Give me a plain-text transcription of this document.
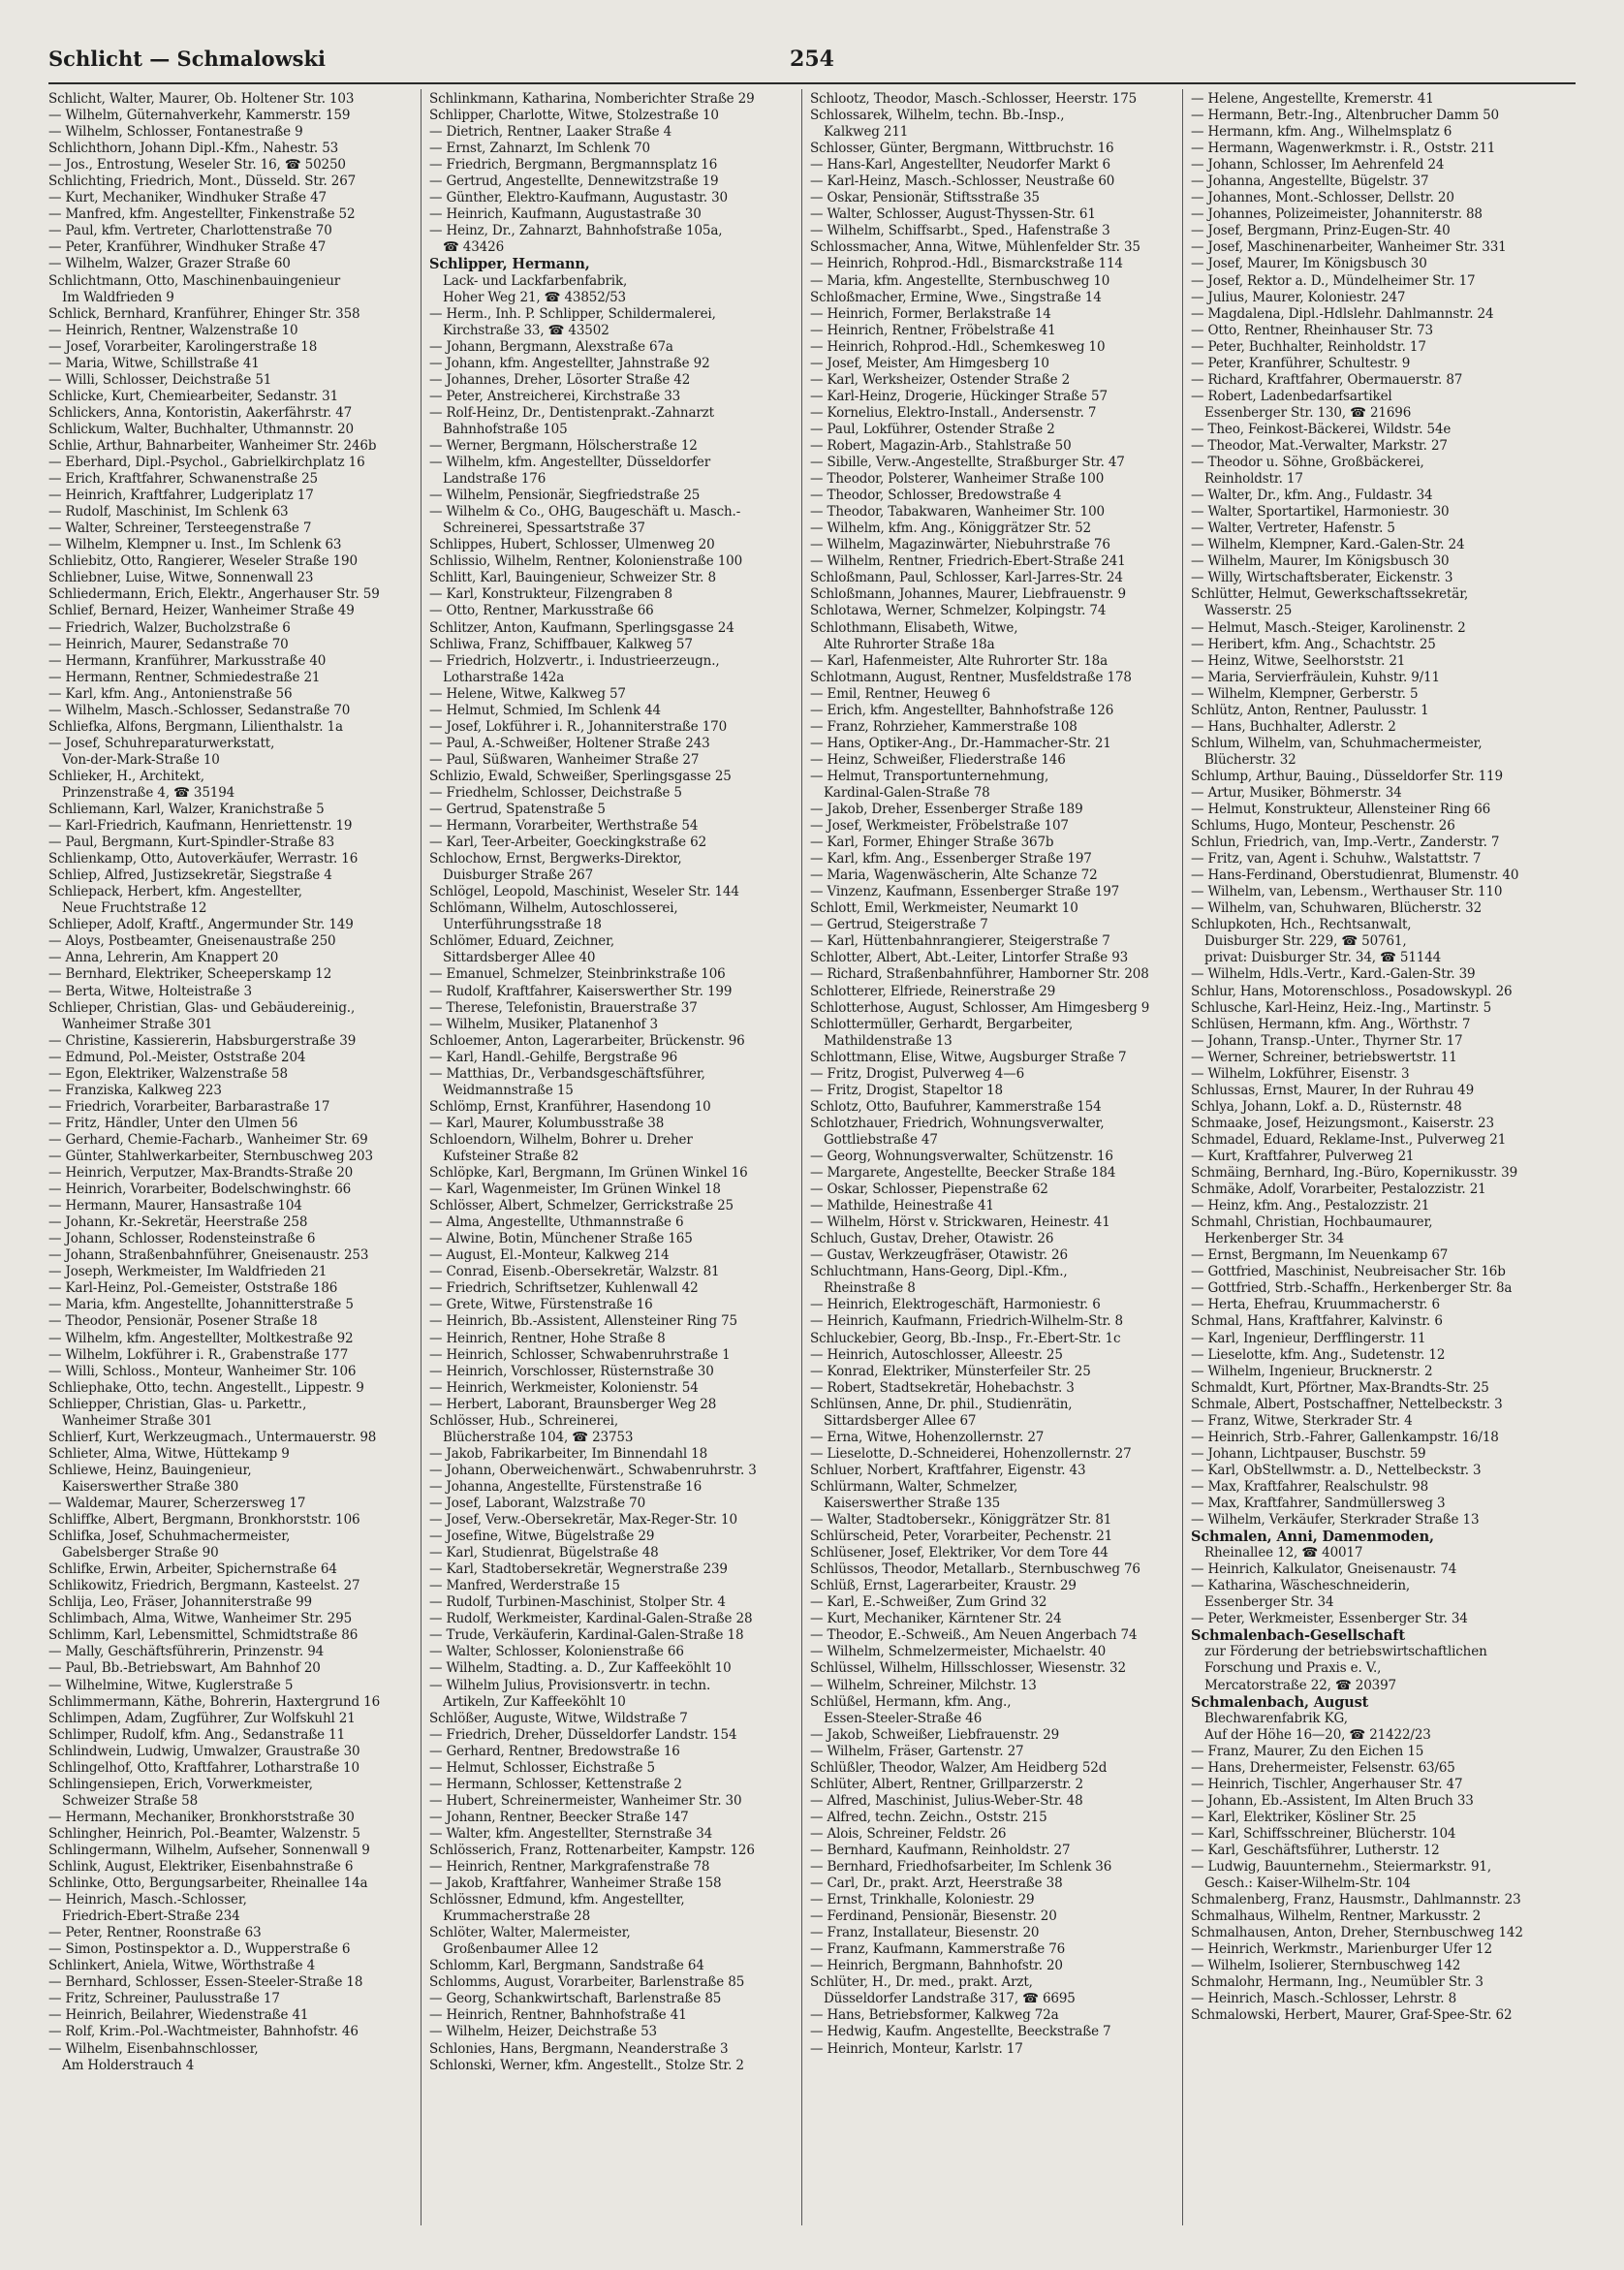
Schlicht — Schmalowski	254
Schlicht, Walter, Maurer, Ob. Holtener Str. 103
— Wilhelm, Güternahverkehr, Kammerstr. 159
— Wilhelm, Schlosser, Fontanestraße 9
Schlichthorn, Johann Dipl.-Kfm., Nahestr. 53
— Jos., Entrostung, Weseler Str. 16, ☎ 50250
Schlichting, Friedrich, Mont., Düsseld. Str. 267
— Kurt, Mechaniker, Windhuker Straße 47
— Manfred, kfm. Angestellter, Finkenstraße 52
— Paul, kfm. Vertreter, Charlottenstraße 70
— Peter, Kranführer, Windhuker Straße 47
— Wilhelm, Walzer, Grazer Straße 60
Schlichtmann, Otto, Maschinenbauingenieur
Im Waldfrieden 9
Schlick, Bernhard, Kranführer, Ehinger Str. 358
— Heinrich, Rentner, Walzenstraße 10
— Josef, Vorarbeiter, Karolingerstraße 18
— Maria, Witwe, Schillstraße 41
— Willi, Schlosser, Deichstraße 51
Schlicke, Kurt, Chemiearbeiter, Sedanstr. 31
Schlickers, Anna, Kontoristin, Aakerfährstr. 47
Schlickum, Walter, Buchhalter, Uthmannstr. 20
Schlie, Arthur, Bahnarbeiter, Wanheimer Str. 246b
— Eberhard, Dipl.-Psychol., Gabrielkirchplatz 16
— Erich, Kraftfahrer, Schwanenstraße 25
— Heinrich, Kraftfahrer, Ludgeriplatz 17
— Rudolf, Maschinist, Im Schlenk 63
— Walter, Schreiner, Tersteegenstraße 7
— Wilhelm, Klempner u. Inst., Im Schlenk 63
Schliebitz, Otto, Rangierer, Weseler Straße 190
Schliebner, Luise, Witwe, Sonnenwall 23
Schliedermann, Erich, Elektr., Angerhauser Str. 59
Schlief, Bernard, Heizer, Wanheimer Straße 49
— Friedrich, Walzer, Bucholzstraße 6
— Heinrich, Maurer, Sedanstraße 70
— Hermann, Kranführer, Markusstraße 40
— Hermann, Rentner, Schmiedestraße 21
— Karl, kfm. Ang., Antonienstraße 56
— Wilhelm, Masch.-Schlosser, Sedanstraße 70
Schliefka, Alfons, Bergmann, Lilienthalstr. 1a
— Josef, Schuhreparaturwerkstatt,
Von-der-Mark-Straße 10
Schlieker, H., Architekt,
Prinzenstraße 4, ☎ 35194
Schliemann, Karl, Walzer, Kranichstraße 5
— Karl-Friedrich, Kaufmann, Henriettenstr. 19
— Paul, Bergmann, Kurt-Spindler-Straße 83
Schlienkamp, Otto, Autoverkäufer, Werrastr. 16
Schliep, Alfred, Justizsekretär, Siegstraße 4
Schliepack, Herbert, kfm. Angestellter,
Neue Fruchtstraße 12
Schlieper, Adolf, Kraftf., Angermunder Str. 149
— Aloys, Postbeamter, Gneisenaustraße 250
— Anna, Lehrerin, Am Knappert 20
— Bernhard, Elektriker, Scheeperskamp 12
— Berta, Witwe, Holteistraße 3
Schlieper, Christian, Glas- und Gebäudereinig.,
Wanheimer Straße 301
— Christine, Kassiererin, Habsburgerstraße 39
— Edmund, Pol.-Meister, Oststraße 204
— Egon, Elektriker, Walzenstraße 58
— Franziska, Kalkweg 223
— Friedrich, Vorarbeiter, Barbarastraße 17
— Fritz, Händler, Unter den Ulmen 56
— Gerhard, Chemie-Facharb., Wanheimer Str. 69
— Günter, Stahlwerkarbeiter, Sternbuschweg 203
— Heinrich, Verputzer, Max-Brandts-Straße 20
— Heinrich, Vorarbeiter, Bodelschwinghstr. 66
— Hermann, Maurer, Hansastraße 104
— Johann, Kr.-Sekretär, Heerstraße 258
— Johann, Schlosser, Rodensteinstraße 6
— Johann, Straßenbahnführer, Gneisenaustr. 253
— Joseph, Werkmeister, Im Waldfrieden 21
— Karl-Heinz, Pol.-Gemeister, Oststraße 186
— Maria, kfm. Angestellte, Johannitterstraße 5
— Theodor, Pensionär, Posener Straße 18
— Wilhelm, kfm. Angestellter, Moltkestraße 92
— Wilhelm, Lokführer i. R., Grabenstraße 177
— Willi, Schloss., Monteur, Wanheimer Str. 106
Schliephake, Otto, techn. Angestellt., Lippestr. 9
Schliepper, Christian, Glas- u. Parkettr.,
Wanheimer Straße 301
Schlierf, Kurt, Werkzeugmach., Untermauerstr. 98
Schlieter, Alma, Witwe, Hüttekamp 9
Schliewe, Heinz, Bauingenieur,
Kaiserswerther Straße 380
— Waldemar, Maurer, Scherzersweg 17
Schliffke, Albert, Bergmann, Bronkhorststr. 106
Schlifka, Josef, Schuhmachermeister,
Gabelsberger Straße 90
Schlifke, Erwin, Arbeiter, Spichernstraße 64
Schlikowitz, Friedrich, Bergmann, Kasteelst. 27
Schlija, Leo, Fräser, Johanniterstraße 99
Schlimbach, Alma, Witwe, Wanheimer Str. 295
Schlimm, Karl, Lebensmittel, Schmidtstraße 86
— Mally, Geschäftsführerin, Prinzenstr. 94
— Paul, Bb.-Betriebswart, Am Bahnhof 20
— Wilhelmine, Witwe, Kuglerstraße 5
Schlimmermann, Käthe, Bohrerin, Haxtergrund 16
Schlimpen, Adam, Zugführer, Zur Wolfskuhl 21
Schlimper, Rudolf, kfm. Ang., Sedanstraße 11
Schlindwein, Ludwig, Umwalzer, Graustraße 30
Schlingelhof, Otto, Kraftfahrer, Lotharstraße 10
Schlingensiepen, Erich, Vorwerkmeister,
Schweizer Straße 58
— Hermann, Mechaniker, Bronkhorststraße 30
Schlingher, Heinrich, Pol.-Beamter, Walzenstr. 5
Schlingermann, Wilhelm, Aufseher, Sonnenwall 9
Schlink, August, Elektriker, Eisenbahnstraße 6
Schlinke, Otto, Bergungsarbeiter, Rheinallee 14a
— Heinrich, Masch.-Schlosser,
Friedrich-Ebert-Straße 234
— Peter, Rentner, Roonstraße 63
— Simon, Postinspektor a. D., Wupperstraße 6
Schlinkert, Aniela, Witwe, Wörthstraße 4
— Bernhard, Schlosser, Essen-Steeler-Straße 18
— Fritz, Schreiner, Paulusstraße 17
— Heinrich, Beilahrer, Wiedenstraße 41
— Rolf, Krim.-Pol.-Wachtmeister, Bahnhofstr. 46
— Wilhelm, Eisenbahnschlosser,
Am Holderstrauch 4
Schlinkmann, Katharina, Nomberichter Straße 29
Schlipper, Charlotte, Witwe, Stolzestraße 10
— Dietrich, Rentner, Laaker Straße 4
— Ernst, Zahnarzt, Im Schlenk 70
— Friedrich, Bergmann, Bergmannsplatz 16
— Gertrud, Angestellte, Dennewitzstraße 19
— Günther, Elektro-Kaufmann, Augustastr. 30
— Heinrich, Kaufmann, Augustastraße 30
— Heinz, Dr., Zahnarzt, Bahnhofstraße 105a,
☎ 43426
Schlipper, Hermann,
Lack- und Lackfarbenfabrik,
Hoher Weg 21, ☎ 43852/53
— Herm., Inh. P. Schlipper, Schildermalerei,
Kirchstraße 33, ☎ 43502
— Johann, Bergmann, Alexstraße 67a
— Johann, kfm. Angestellter, Jahnstraße 92
— Johannes, Dreher, Lösorter Straße 42
— Peter, Anstreicherei, Kirchstraße 33
— Rolf-Heinz, Dr., Dentistenprakt.-Zahnarzt
Bahnhofstraße 105
— Werner, Bergmann, Hölscherstraße 12
— Wilhelm, kfm. Angestellter, Düsseldorfer
Landstraße 176
— Wilhelm, Pensionär, Siegfriedstraße 25
— Wilhelm & Co., OHG, Baugeschäft u. Masch.-
Schreinerei, Spessartstraße 37
Schlippes, Hubert, Schlosser, Ulmenweg 20
Schlissio, Wilhelm, Rentner, Kolonienstraße 100
Schlitt, Karl, Bauingenieur, Schweizer Str. 8
— Karl, Konstrukteur, Filzengraben 8
— Otto, Rentner, Markusstraße 66
Schlitzer, Anton, Kaufmann, Sperlingsgasse 24
Schliwa, Franz, Schiffbauer, Kalkweg 57
— Friedrich, Holzvertr., i. Industrieerzeugn.,
Lotharstraße 142a
— Helene, Witwe, Kalkweg 57
— Helmut, Schmied, Im Schlenk 44
— Josef, Lokführer i. R., Johanniterstraße 170
— Paul, A.-Schweißer, Holtener Straße 243
— Paul, Süßwaren, Wanheimer Straße 27
Schlizio, Ewald, Schweißer, Sperlingsgasse 25
— Friedhelm, Schlosser, Deichstraße 5
— Gertrud, Spatenstraße 5
— Hermann, Vorarbeiter, Werthstraße 54
— Karl, Teer-Arbeiter, Goeckingkstraße 62
Schlochow, Ernst, Bergwerks-Direktor,
Duisburger Straße 267
Schlögel, Leopold, Maschinist, Weseler Str. 144
Schlömann, Wilhelm, Autoschlosserei,
Unterführungsstraße 18
Schlömer, Eduard, Zeichner,
Sittardsberger Allee 40
— Emanuel, Schmelzer, Steinbrinkstraße 106
— Rudolf, Kraftfahrer, Kaiserswerther Str. 199
— Therese, Telefonistin, Brauerstraße 37
— Wilhelm, Musiker, Platanenhof 3
Schloemer, Anton, Lagerarbeiter, Brückenstr. 96
— Karl, Handl.-Gehilfe, Bergstraße 96
— Matthias, Dr., Verbandsgeschäftsführer,
Weidmannstraße 15
Schlömp, Ernst, Kranführer, Hasendong 10
— Karl, Maurer, Kolumbusstraße 38
Schloendorn, Wilhelm, Bohrer u. Dreher
Kufsteiner Straße 82
Schlöpke, Karl, Bergmann, Im Grünen Winkel 16
— Karl, Wagenmeister, Im Grünen Winkel 18
Schlösser, Albert, Schmelzer, Gerrickstraße 25
— Alma, Angestellte, Uthmannstraße 6
— Alwine, Botin, Münchener Straße 165
— August, El.-Monteur, Kalkweg 214
— Conrad, Eisenb.-Obersekretär, Walzstr. 81
— Friedrich, Schriftsetzer, Kuhlenwall 42
— Grete, Witwe, Fürstenstraße 16
— Heinrich, Bb.-Assistent, Allensteiner Ring 75
— Heinrich, Rentner, Hohe Straße 8
— Heinrich, Schlosser, Schwabenruhrstraße 1
— Heinrich, Vorschlosser, Rüsternstraße 30
— Heinrich, Werkmeister, Kolonienstr. 54
— Herbert, Laborant, Braunsberger Weg 28
Schlösser, Hub., Schreinerei,
Blücherstraße 104, ☎ 23753
— Jakob, Fabrikarbeiter, Im Binnendahl 18
— Johann, Oberweichenwärt., Schwabenruhrstr. 3
— Johanna, Angestellte, Fürstenstraße 16
— Josef, Laborant, Walzstraße 70
— Josef, Verw.-Obersekretär, Max-Reger-Str. 10
— Josefine, Witwe, Bügelstraße 29
— Karl, Studienrat, Bügelstraße 48
— Karl, Stadtobersekretär, Wegnerstraße 239
— Manfred, Werderstraße 15
— Rudolf, Turbinen-Maschinist, Stolper Str. 4
— Rudolf, Werkmeister, Kardinal-Galen-Straße 28
— Trude, Verkäuferin, Kardinal-Galen-Straße 18
— Walter, Schlosser, Kolonienstraße 66
— Wilhelm, Stadting. a. D., Zur Kaffeeköhlt 10
— Wilhelm Julius, Provisionsvertr. in techn.
Artikeln, Zur Kaffeeköhlt 10
Schlößer, Auguste, Witwe, Wildstraße 7
— Friedrich, Dreher, Düsseldorfer Landstr. 154
— Gerhard, Rentner, Bredowstraße 16
— Helmut, Schlosser, Eichstraße 5
— Hermann, Schlosser, Kettenstraße 2
— Hubert, Schreinermeister, Wanheimer Str. 30
— Johann, Rentner, Beecker Straße 147
— Walter, kfm. Angestellter, Sternstraße 34
Schlösserich, Franz, Rottenarbeiter, Kampstr. 126
— Heinrich, Rentner, Markgrafenstraße 78
— Jakob, Kraftfahrer, Wanheimer Straße 158
Schlössner, Edmund, kfm. Angestellter,
Krummacherstraße 28
Schlöter, Walter, Malermeister,
Großenbaumer Allee 12
Schlomm, Karl, Bergmann, Sandstraße 64
Schlomms, August, Vorarbeiter, Barlenstraße 85
— Georg, Schankwirtschaft, Barlenstraße 85
— Heinrich, Rentner, Bahnhofstraße 41
— Wilhelm, Heizer, Deichstraße 53
Schlonies, Hans, Bergmann, Neanderstraße 3
Schlonski, Werner, kfm. Angestellt., Stolze Str. 2
Schlootz, Theodor, Masch.-Schlosser, Heerstr. 175
Schlossarek, Wilhelm, techn. Bb.-Insp.,
Kalkweg 211
Schlosser, Günter, Bergmann, Wittbruchstr. 16
— Hans-Karl, Angestellter, Neudorfer Markt 6
— Karl-Heinz, Masch.-Schlosser, Neustraße 60
— Oskar, Pensionär, Stiftsstraße 35
— Walter, Schlosser, August-Thyssen-Str. 61
— Wilhelm, Schiffsarbt., Sped., Hafenstraße 3
Schlossmacher, Anna, Witwe, Mühlenfelder Str. 35
— Heinrich, Rohprod.-Hdl., Bismarckstraße 114
— Maria, kfm. Angestellte, Sternbuschweg 10
Schloßmacher, Ermine, Wwe., Singstraße 14
— Heinrich, Former, Berlakstraße 14
— Heinrich, Rentner, Fröbelstraße 41
— Heinrich, Rohprod.-Hdl., Schemkesweg 10
— Josef, Meister, Am Himgesberg 10
— Karl, Werksheizer, Ostender Straße 2
— Karl-Heinz, Drogerie, Hückinger Straße 57
— Kornelius, Elektro-Install., Andersenstr. 7
— Paul, Lokführer, Ostender Straße 2
— Robert, Magazin-Arb., Stahlstraße 50
— Sibille, Verw.-Angestellte, Straßburger Str. 47
— Theodor, Polsterer, Wanheimer Straße 100
— Theodor, Schlosser, Bredowstraße 4
— Theodor, Tabakwaren, Wanheimer Str. 100
— Wilhelm, kfm. Ang., Königgrätzer Str. 52
— Wilhelm, Magazinwärter, Niebuhrstraße 76
— Wilhelm, Rentner, Friedrich-Ebert-Straße 241
Schloßmann, Paul, Schlosser, Karl-Jarres-Str. 24
Schloßmann, Johannes, Maurer, Liebfrauenstr. 9
Schlotawa, Werner, Schmelzer, Kolpingstr. 74
Schlothmann, Elisabeth, Witwe,
Alte Ruhrorter Straße 18a
— Karl, Hafenmeister, Alte Ruhrorter Str. 18a
Schlotmann, August, Rentner, Musfeldstraße 178
— Emil, Rentner, Heuweg 6
— Erich, kfm. Angestellter, Bahnhofstraße 126
— Franz, Rohrzieher, Kammerstraße 108
— Hans, Optiker-Ang., Dr.-Hammacher-Str. 21
— Heinz, Schweißer, Fliederstraße 146
— Helmut, Transportunternehmung,
Kardinal-Galen-Straße 78
— Jakob, Dreher, Essenberger Straße 189
— Josef, Werkmeister, Fröbelstraße 107
— Karl, Former, Ehinger Straße 367b
— Karl, kfm. Ang., Essenberger Straße 197
— Maria, Wagenwäscherin, Alte Schanze 72
— Vinzenz, Kaufmann, Essenberger Straße 197
Schlott, Emil, Werkmeister, Neumarkt 10
— Gertrud, Steigerstraße 7
— Karl, Hüttenbahnrangierer, Steigerstraße 7
Schlotter, Albert, Abt.-Leiter, Lintorfer Straße 93
— Richard, Straßenbahnführer, Hamborner Str. 208
Schlotterer, Elfriede, Reinerstraße 29
Schlotterhose, August, Schlosser, Am Himgesberg 9
Schlottermüller, Gerhardt, Bergarbeiter,
Mathildenstraße 13
Schlottmann, Elise, Witwe, Augsburger Straße 7
— Fritz, Drogist, Pulverweg 4—6
— Fritz, Drogist, Stapeltor 18
Schlotz, Otto, Baufuhrer, Kammerstraße 154
Schlotzhauer, Friedrich, Wohnungsverwalter,
Gottliebstraße 47
— Georg, Wohnungsverwalter, Schützenstr. 16
— Margarete, Angestellte, Beecker Straße 184
— Oskar, Schlosser, Piepenstraße 62
— Mathilde, Heinestraße 41
— Wilhelm, Hörst v. Strickwaren, Heinestr. 41
Schluch, Gustav, Dreher, Otawistr. 26
— Gustav, Werkzeugfräser, Otawistr. 26
Schluchtmann, Hans-Georg, Dipl.-Kfm.,
Rheinstraße 8
— Heinrich, Elektrogeschäft, Harmoniestr. 6
— Heinrich, Kaufmann, Friedrich-Wilhelm-Str. 8
Schluckebier, Georg, Bb.-Insp., Fr.-Ebert-Str. 1c
— Heinrich, Autoschlosser, Alleestr. 25
— Konrad, Elektriker, Münsterfeiler Str. 25
— Robert, Stadtsekretär, Hohebachstr. 3
Schlünsen, Anne, Dr. phil., Studienrätin,
Sittardsberger Allee 67
— Erna, Witwe, Hohenzollernstr. 27
— Lieselotte, D.-Schneiderei, Hohenzollernstr. 27
Schluer, Norbert, Kraftfahrer, Eigenstr. 43
Schlürmann, Walter, Schmelzer,
Kaiserswerther Straße 135
— Walter, Stadtobersekr., Königgrätzer Str. 81
Schlürscheid, Peter, Vorarbeiter, Pechenstr. 21
Schlüsener, Josef, Elektriker, Vor dem Tore 44
Schlüssos, Theodor, Metallarb., Sternbuschweg 76
Schlüß, Ernst, Lagerarbeiter, Kraustr. 29
— Karl, E.-Schweißer, Zum Grind 32
— Kurt, Mechaniker, Kärntener Str. 24
— Theodor, E.-Schweiß., Am Neuen Angerbach 74
— Wilhelm, Schmelzermeister, Michaelstr. 40
Schlüssel, Wilhelm, Hillsschlosser, Wiesenstr. 32
— Wilhelm, Schreiner, Milchstr. 13
Schlüßel, Hermann, kfm. Ang.,
Essen-Steeler-Straße 46
— Jakob, Schweißer, Liebfrauenstr. 29
— Wilhelm, Fräser, Gartenstr. 27
Schlüßler, Theodor, Walzer, Am Heidberg 52d
Schlüter, Albert, Rentner, Grillparzerstr. 2
— Alfred, Maschinist, Julius-Weber-Str. 48
— Alfred, techn. Zeichn., Oststr. 215
— Alois, Schreiner, Feldstr. 26
— Bernhard, Kaufmann, Reinholdstr. 27
— Bernhard, Friedhofsarbeiter, Im Schlenk 36
— Carl, Dr., prakt. Arzt, Heerstraße 38
— Ernst, Trinkhalle, Koloniestr. 29
— Ferdinand, Pensionär, Biesenstr. 20
— Franz, Installateur, Biesenstr. 20
— Franz, Kaufmann, Kammerstraße 76
— Heinrich, Bergmann, Bahnhofstr. 20
Schlüter, H., Dr. med., prakt. Arzt,
Düsseldorfer Landstraße 317, ☎ 6695
— Hans, Betriebsformer, Kalkweg 72a
— Hedwig, Kaufm. Angestellte, Beeckstraße 7
— Heinrich, Monteur, Karlstr. 17
— Helene, Angestellte, Kremerstr. 41
— Hermann, Betr.-Ing., Altenbrucher Damm 50
— Hermann, kfm. Ang., Wilhelmsplatz 6
— Hermann, Wagenwerkmstr. i. R., Oststr. 211
— Johann, Schlosser, Im Aehrenfeld 24
— Johanna, Angestellte, Bügelstr. 37
— Johannes, Mont.-Schlosser, Dellstr. 20
— Johannes, Polizeimeister, Johanniterstr. 88
— Josef, Bergmann, Prinz-Eugen-Str. 40
— Josef, Maschinenarbeiter, Wanheimer Str. 331
— Josef, Maurer, Im Königsbusch 30
— Josef, Rektor a. D., Mündelheimer Str. 17
— Julius, Maurer, Koloniestr. 247
— Magdalena, Dipl.-Hdlslehr. Dahlmannstr. 24
— Otto, Rentner, Rheinhauser Str. 73
— Peter, Buchhalter, Reinholdstr. 17
— Peter, Kranführer, Schultestr. 9
— Richard, Kraftfahrer, Obermauerstr. 87
— Robert, Ladenbedarfsartikel
Essenberger Str. 130, ☎ 21696
— Theo, Feinkost-Bäckerei, Wildstr. 54e
— Theodor, Mat.-Verwalter, Markstr. 27
— Theodor u. Söhne, Großbäckerei,
Reinholdstr. 17
— Walter, Dr., kfm. Ang., Fuldastr. 34
— Walter, Sportartikel, Harmoniestr. 30
— Walter, Vertreter, Hafenstr. 5
— Wilhelm, Klempner, Kard.-Galen-Str. 24
— Wilhelm, Maurer, Im Königsbusch 30
— Willy, Wirtschaftsberater, Eickenstr. 3
Schlütter, Helmut, Gewerkschaftssekretär,
Wasserstr. 25
— Helmut, Masch.-Steiger, Karolinenstr. 2
— Heribert, kfm. Ang., Schachtstr. 25
— Heinz, Witwe, Seelhorststr. 21
— Maria, Servierfräulein, Kuhstr. 9/11
— Wilhelm, Klempner, Gerberstr. 5
Schlütz, Anton, Rentner, Paulusstr. 1
— Hans, Buchhalter, Adlerstr. 2
Schlum, Wilhelm, van, Schuhmachermeister,
Blücherstr. 32
Schlump, Arthur, Bauing., Düsseldorfer Str. 119
— Artur, Musiker, Böhmerstr. 34
— Helmut, Konstrukteur, Allensteiner Ring 66
Schlums, Hugo, Monteur, Peschenstr. 26
Schlun, Friedrich, van, Imp.-Vertr., Zanderstr. 7
— Fritz, van, Agent i. Schuhw., Walstattstr. 7
— Hans-Ferdinand, Oberstudienrat, Blumenstr. 40
— Wilhelm, van, Lebensm., Werthauser Str. 110
— Wilhelm, van, Schuhwaren, Blücherstr. 32
Schlupkoten, Hch., Rechtsanwalt,
Duisburger Str. 229, ☎ 50761,
privat: Duisburger Str. 34, ☎ 51144
— Wilhelm, Hdls.-Vertr., Kard.-Galen-Str. 39
Schlur, Hans, Motorenschloss., Posadowskypl. 26
Schlusche, Karl-Heinz, Heiz.-Ing., Martinstr. 5
Schlüsen, Hermann, kfm. Ang., Wörthstr. 7
— Johann, Transp.-Unter., Thyrner Str. 17
— Werner, Schreiner, betriebswertstr. 11
— Wilhelm, Lokführer, Eisenstr. 3
Schlussas, Ernst, Maurer, In der Ruhrau 49
Schlya, Johann, Lokf. a. D., Rüsternstr. 48
Schmaake, Josef, Heizungsmont., Kaiserstr. 23
Schmadel, Eduard, Reklame-Inst., Pulverweg 21
— Kurt, Kraftfahrer, Pulverweg 21
Schmäing, Bernhard, Ing.-Büro, Kopernikusstr. 39
Schmäke, Adolf, Vorarbeiter, Pestalozzistr. 21
— Heinz, kfm. Ang., Pestalozzistr. 21
Schmahl, Christian, Hochbaumaurer,
Herkenberger Str. 34
— Ernst, Bergmann, Im Neuenkamp 67
— Gottfried, Maschinist, Neubreisacher Str. 16b
— Gottfried, Strb.-Schaffn., Herkenberger Str. 8a
— Herta, Ehefrau, Kruummacherstr. 6
Schmal, Hans, Kraftfahrer, Kalvinstr. 6
— Karl, Ingenieur, Derfflingerstr. 11
— Lieselotte, kfm. Ang., Sudetenstr. 12
— Wilhelm, Ingenieur, Brucknerstr. 2
Schmaldt, Kurt, Pförtner, Max-Brandts-Str. 25
Schmale, Albert, Postschaffner, Nettelbeckstr. 3
— Franz, Witwe, Sterkrader Str. 4
— Heinrich, Strb.-Fahrer, Gallenkampstr. 16/18
— Johann, Lichtpauser, Buschstr. 59
— Karl, ObStellwmstr. a. D., Nettelbeckstr. 3
— Max, Kraftfahrer, Realschulstr. 98
— Max, Kraftfahrer, Sandmüllersweg 3
— Wilhelm, Verkäufer, Sterkrader Straße 13
Schmalen, Anni, Damenmoden,
Rheinallee 12, ☎ 40017
— Heinrich, Kalkulator, Gneisenaustr. 74
— Katharina, Wäscheschneiderin,
Essenberger Str. 34
— Peter, Werkmeister, Essenberger Str. 34
Schmalenbach-Gesellschaft
zur Förderung der betriebswirtschaftlichen
Forschung und Praxis e. V.,
Mercatorstraße 22, ☎ 20397
Schmalenbach, August
Blechwarenfabrik KG,
Auf der Höhe 16—20, ☎ 21422/23
— Franz, Maurer, Zu den Eichen 15
— Hans, Drehermeister, Felsenstr. 63/65
— Heinrich, Tischler, Angerhauser Str. 47
— Johann, Eb.-Assistent, Im Alten Bruch 33
— Karl, Elektriker, Kösliner Str. 25
— Karl, Schiffsschreiner, Blücherstr. 104
— Karl, Geschäftsführer, Lutherstr. 12
— Ludwig, Bauunternehm., Steiermarkstr. 91,
Gesch.: Kaiser-Wilhelm-Str. 104
Schmalenberg, Franz, Hausmstr., Dahlmannstr. 23
Schmalhaus, Wilhelm, Rentner, Markusstr. 2
Schmalhausen, Anton, Dreher, Sternbuschweg 142
— Heinrich, Werkmstr., Marienburger Ufer 12
— Wilhelm, Isolierer, Sternbuschweg 142
Schmalohr, Hermann, Ing., Neumübler Str. 3
— Heinrich, Masch.-Schlosser, Lehrstr. 8
Schmalowski, Herbert, Maurer, Graf-Spee-Str. 62
